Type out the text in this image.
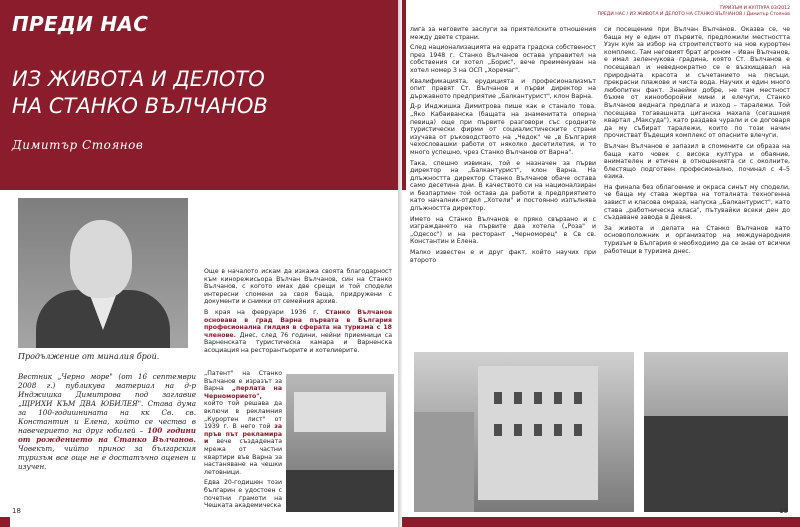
ПРЕДИ НАС
ИЗ ЖИВОТА И ДЕЛОТО
НА СТАНКО ВЪЛЧАНОВ
Димитър Стоянов
Продължение от миналия брой.

Вестник „Черно море" (от 16 септември 2008 г.) публикува материал на д-р Инджишка Димитрова под заглавие „ЩРИХИ КЪМ ДВА ЮБИЛЕЯ". Става дума за 100-годишнината на кк Св. св. Константин и Елена, който се чества в навечерието на друг юбилей – 100 години от рождението на Станко Вълчанов. Човекът, чийто принос за българския туризъм все още не е достатъчно оценен и изучен.

Още в началото искам да изкажа своята благодарност към кинорежисьора Вълчан Вълчанов, син на Станко Вълчанов, с когото имах две срещи и той сподели интересни спомени за своя баща, придружени с документи и снимки от семейния архив.

В края на февруари 1936 г. Станко Вълчанов основава в град Варна първата в България професионална гилдия в сферата на туризма с 18 членове. Днес, след 76 години, нейни приемници са Варненската туристическа камара и Варненска асоциация на ресторантьорите и хотелиерите.

„Патент" на Станко Вълчанов е изразът за Варна „перлата на Черноморието", който той решава да включи в рекламния „Курортен лист" от 1939 г. В него той за пръв път рекламира и вече създадената мрежа от частни квартири във Варна за настаняване на чешки летовници.

Едва 20-годишен този българин е удостоен с почетни грамоти на Чешката академическа

18
ТУРИЗЪМ И КУЛТУРА 03/2012
ПРЕДИ НАС / ИЗ ЖИВОТА И ДЕЛОТО НА СТАНКО ВЪЛЧАНОВ / Димитър Стоянов

лига за неговите заслуги за приятелските отношения между двете страни.

След национализацията на едрата градска собственост през 1948 г. Станко Вълчанов остава управител на собствения си хотел „Борис", вече преименуван на хотел номер 3 на ОСП „Хоремаг".

Квалификацията, ерудицията и професионализмът опит правят Ст. Вълчанов и първи директор на държавното предприятие „Балкантурист", клон Варна.

Д-р Инджишка Димитрова пише как е станало това. „Яко Кабаиванска (бащата на знаменитата оперна певица) още при първите разговори със сродните туристически фирми от социалистическите страни изучава от ръководството на „Чедок" че „в България чехословашки работи от няколко десетилетия, и то много успешно, чрез Станко Вълчанов от Варна".

Така, спешно извикан, той е назначен за първи директор на „Балкантурист", клон Варна. На длъжността директор Станко Вълчанов обаче остава само десетина дни. В качеството си на националзиран и безпартиен той остава да работи в предприятието като началник-отдел „Хотели" и постоянно изпълнява длъжността директор.

Името на Станко Вълчанов е пряко свързано и с изграждането на първите два хотела („Роза" и „Одесос") и на ресторант „Черноморец" в Св св. Константин и Елена.

Малко известен е и друг факт, който научих при второто

си посещение при Вълчан Вълчанов. Оказва се, че баща му е един от първите, предложили местността Узун кум за избор на строителството на нов курортен комплекс. Там неговият брат агроном – Иван Вълчанов, е имал зеленчукова градина, която Ст. Вълчанов е посещавал и неведнократно се е възхищавал на природната красота и съчетанието на пясъци, прекрасни плажове и чиста вода. Научих и един много любопитен факт. Знаейки добре, не там местност бъхме от кинооборойни мини и елечуги, Станко Вълчанов веднага предлага и изход – таралежи. Той посещава тогавашната циганска махала (сегашния квартал „Максуда"), като раздава чурали и се договаря да му събират таралежи, които по този начин прочистват бъдещия комплекс от опасните влечуги.

Вълчан Вълчанов е запазил в спомените си образа на баща като човек с висока култура и обаяние, внимателен и етичен в отношенията си с околните, блестящо подготвен професионално, починал с 4–5 езика.

На финала без облагоение и окраса синът му сподели, че баща му става жертва на тоталната техногенна завист и класова омраза, напуска „Балкантурист", като става „работническа класа", пътувайки всеки ден до създаване завода в Девня.

За живота и делата на Станко Вълчанов като основоположник и организатор на международния туризъм в България е необходимо да се знае от всички работещи в туризма днес.

19
